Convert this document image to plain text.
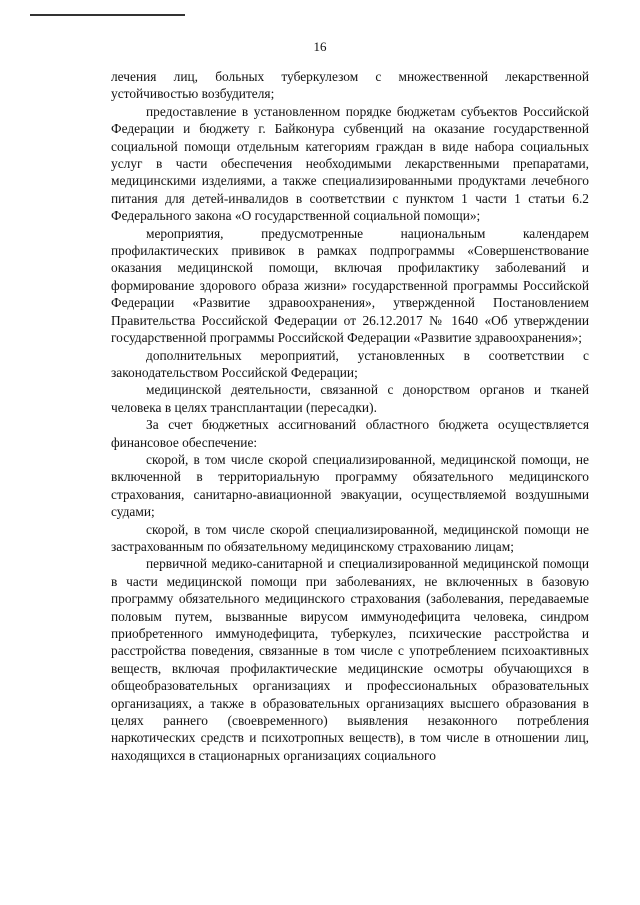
16

лечения лиц, больных туберкулезом с множественной лекарственной устойчивостью возбудителя;

предоставление в установленном порядке бюджетам субъектов Российской Федерации и бюджету г. Байконура субвенций на оказание государственной социальной помощи отдельным категориям граждан в виде набора социальных услуг в части обеспечения необходимыми лекарственными препаратами, медицинскими изделиями, а также специализированными продуктами лечебного питания для детей-инвалидов в соответствии с пунктом 1 части 1 статьи 6.2 Федерального закона «О государственной социальной помощи»;

мероприятия, предусмотренные национальным календарем профилактических прививок в рамках подпрограммы «Совершенствование оказания медицинской помощи, включая профилактику заболеваний и формирование здорового образа жизни» государственной программы Российской Федерации «Развитие здравоохранения», утвержденной Постановлением Правительства Российской Федерации от 26.12.2017 № 1640 «Об утверждении государственной программы Российской Федерации «Развитие здравоохранения»;

дополнительных мероприятий, установленных в соответствии с законодательством Российской Федерации;

медицинской деятельности, связанной с донорством органов и тканей человека в целях трансплантации (пересадки).

За счет бюджетных ассигнований областного бюджета осуществляется финансовое обеспечение:

скорой, в том числе скорой специализированной, медицинской помощи, не включенной в территориальную программу обязательного медицинского страхования, санитарно-авиационной эвакуации, осуществляемой воздушными судами;

скорой, в том числе скорой специализированной, медицинской помощи не застрахованным по обязательному медицинскому страхованию лицам;

первичной медико-санитарной и специализированной медицинской помощи в части медицинской помощи при заболеваниях, не включенных в базовую программу обязательного медицинского страхования (заболевания, передаваемые половым путем, вызванные вирусом иммунодефицита человека, синдром приобретенного иммунодефицита, туберкулез, психические расстройства и расстройства поведения, связанные в том числе с употреблением психоактивных веществ, включая профилактические медицинские осмотры обучающихся в общеобразовательных организациях и профессиональных образовательных организациях, а также в образовательных организациях высшего образования в целях раннего (своевременного) выявления незаконного потребления наркотических средств и психотропных веществ), в том числе в отношении лиц, находящихся в стационарных организациях социального
